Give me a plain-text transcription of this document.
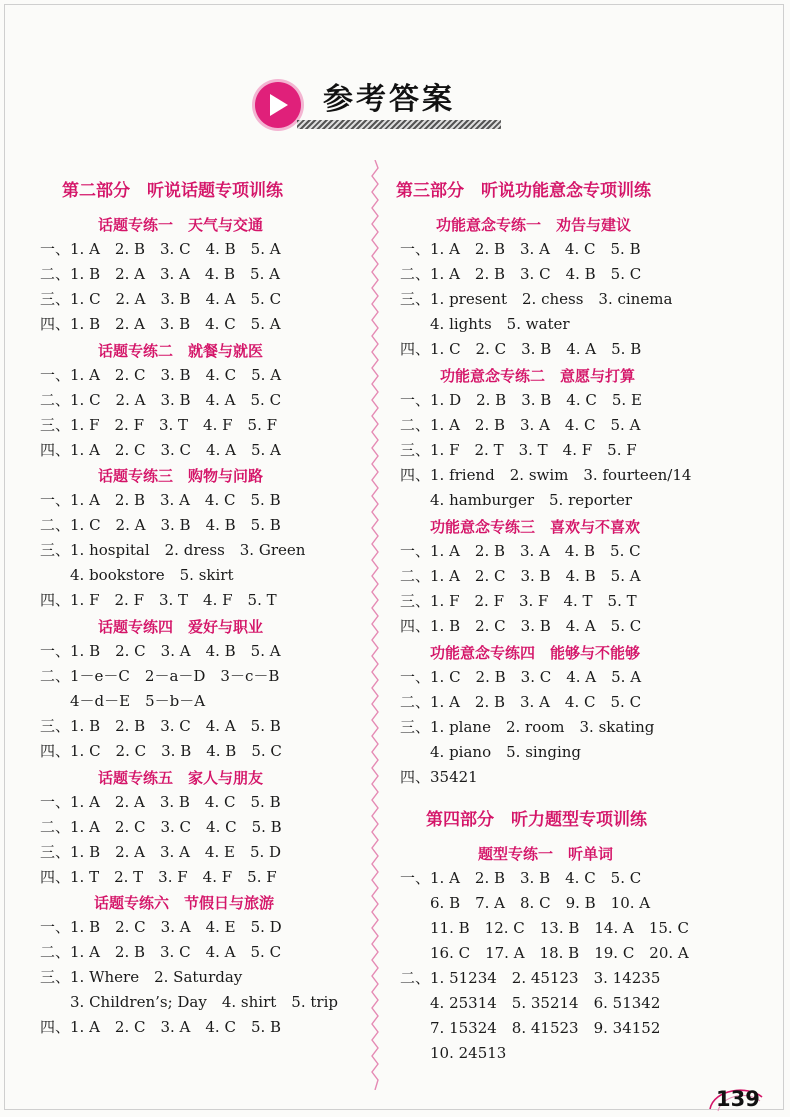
参考答案
第二部分　听说话题专项训练
话题专练一　天气与交通
一、1. A　2. B　3. C　4. B　5. A
二、1. B　2. A　3. A　4. B　5. A
三、1. C　2. A　3. B　4. A　5. C
四、1. B　2. A　3. B　4. C　5. A
话题专练二　就餐与就医
一、1. A　2. C　3. B　4. C　5. A
二、1. C　2. A　3. B　4. A　5. C
三、1. F　2. F　3. T　4. F　5. F
四、1. A　2. C　3. C　4. A　5. A
话题专练三　购物与问路
一、1. A　2. B　3. A　4. C　5. B
二、1. C　2. A　3. B　4. B　5. B
三、1. hospital　2. dress　3. Green
　　4. bookstore　5. skirt
四、1. F　2. F　3. T　4. F　5. T
话题专练四　爱好与职业
一、1. B　2. C　3. A　4. B　5. A
二、1－e－C　2－a－D　3－c－B
　　4－d－E　5－b－A
三、1. B　2. B　3. C　4. A　5. B
四、1. C　2. C　3. B　4. B　5. C
话题专练五　家人与朋友
一、1. A　2. A　3. B　4. C　5. B
二、1. A　2. C　3. C　4. C　5. B
三、1. B　2. A　3. A　4. E　5. D
四、1. T　2. T　3. F　4. F　5. F
话题专练六　节假日与旅游
一、1. B　2. C　3. A　4. E　5. D
二、1. A　2. B　3. C　4. A　5. C
三、1. Where　2. Saturday
　　3. Children’s; Day　4. shirt　5. trip
四、1. A　2. C　3. A　4. C　5. B
第三部分　听说功能意念专项训练
功能意念专练一　劝告与建议
一、1. A　2. B　3. A　4. C　5. B
二、1. A　2. B　3. C　4. B　5. C
三、1. present　2. chess　3. cinema
　　4. lights　5. water
四、1. C　2. C　3. B　4. A　5. B
功能意念专练二　意愿与打算
一、1. D　2. B　3. B　4. C　5. E
二、1. A　2. B　3. A　4. C　5. A
三、1. F　2. T　3. T　4. F　5. F
四、1. friend　2. swim　3. fourteen/14
　　4. hamburger　5. reporter
功能意念专练三　喜欢与不喜欢
一、1. A　2. B　3. A　4. B　5. C
二、1. A　2. C　3. B　4. B　5. A
三、1. F　2. F　3. F　4. T　5. T
四、1. B　2. C　3. B　4. A　5. C
功能意念专练四　能够与不能够
一、1. C　2. B　3. C　4. A　5. A
二、1. A　2. B　3. A　4. C　5. C
三、1. plane　2. room　3. skating
　　4. piano　5. singing
四、35421
第四部分　听力题型专项训练
题型专练一　听单词
一、1. A　2. B　3. B　4. C　5. C
　　6. B　7. A　8. C　9. B　10. A
　　11. B　12. C　13. B　14. A　15. C
　　16. C　17. A　18. B　19. C　20. A
二、1. 51234　2. 45123　3. 14235
　　4. 25314　5. 35214　6. 51342
　　7. 15324　8. 41523　9. 34152
　　10. 24513
139
